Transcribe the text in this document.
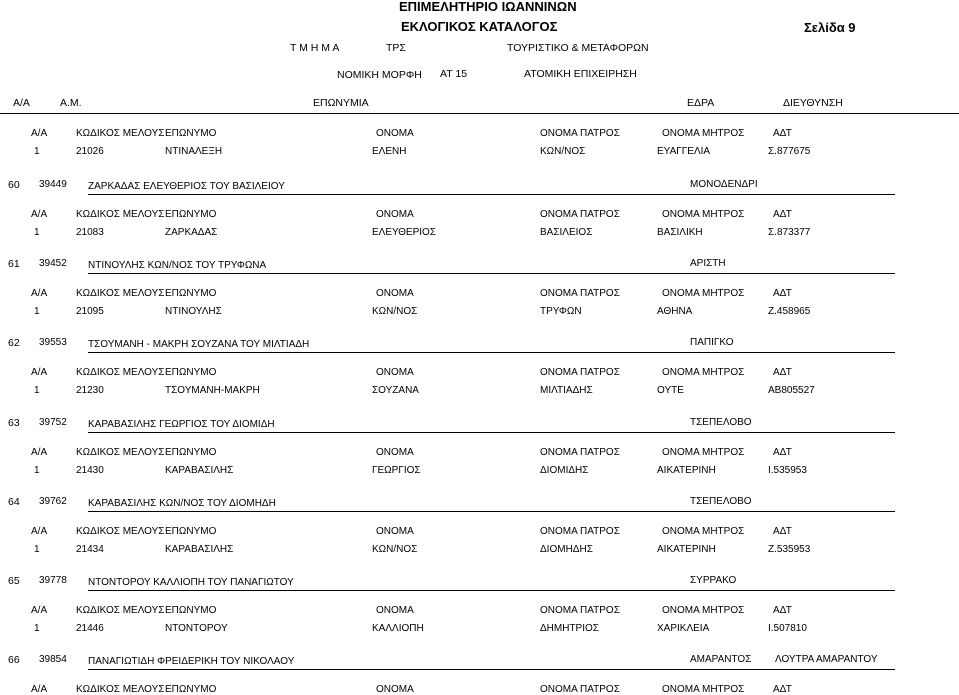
ΕΠΙΜΕΛΗΤΗΡΙΟ ΙΩΑΝΝΙΝΩΝ
ΕΚΛΟΓΙΚΟΣ ΚΑΤΑΛΟΓΟΣ	Σελίδα 9
Τ Μ Η Μ Α	ΤΡΣ	ΤΟΥΡΙΣΤΙΚΟ & ΜΕΤΑΦΟΡΩΝ
ΝΟΜΙΚΗ ΜΟΡΦΗ ΑΤ 15	ΑΤΟΜΙΚΗ ΕΠΙΧΕΙΡΗΣΗ
Α/Α	Α.Μ.	ΕΠΩΝΥΜΙΑ	ΕΔΡΑ	ΔΙΕΥΘΥΝΣΗ
Α/Α	ΚΩΔΙΚΟΣ ΜΕΛΟΥΣ ΕΠΩΝΥΜΟ	ΟΝΟΜΑ	ΟΝΟΜΑ ΠΑΤΡΟΣ	ΟΝΟΜΑ ΜΗΤΡΟΣ	ΑΔΤ
1	21026	ΝΤΙΝΑΛΕΞΗ	ΕΛΕΝΗ	ΚΩΝ/ΝΟΣ	ΕΥΑΓΓΕΛΙΑ	Σ.877675
60 39449 ΖΑΡΚΑΔΑΣ ΕΛΕΥΘΕΡΙΟΣ ΤΟΥ ΒΑΣΙΛΕΙΟΥ	ΜΟΝΟΔΕΝΔΡΙ
Α/Α	ΚΩΔΙΚΟΣ ΜΕΛΟΥΣ ΕΠΩΝΥΜΟ	ΟΝΟΜΑ	ΟΝΟΜΑ ΠΑΤΡΟΣ	ΟΝΟΜΑ ΜΗΤΡΟΣ	ΑΔΤ
1	21083	ΖΑΡΚΑΔΑΣ	ΕΛΕΥΘΕΡΙΟΣ	ΒΑΣΙΛΕΙΟΣ	ΒΑΣΙΛΙΚΗ	Σ.873377
61 39452 ΝΤΙΝΟΥΛΗΣ ΚΩΝ/ΝΟΣ ΤΟΥ ΤΡΥΦΩΝΑ	ΑΡΙΣΤΗ
Α/Α	ΚΩΔΙΚΟΣ ΜΕΛΟΥΣ ΕΠΩΝΥΜΟ	ΟΝΟΜΑ	ΟΝΟΜΑ ΠΑΤΡΟΣ	ΟΝΟΜΑ ΜΗΤΡΟΣ	ΑΔΤ
1	21095	ΝΤΙΝΟΥΛΗΣ	ΚΩΝ/ΝΟΣ	ΤΡΥΦΩΝ	ΑΘΗΝΑ	Ζ.458965
62 39553 ΤΣΟΥΜΑΝΗ - ΜΑΚΡΗ ΣΟΥΖΑΝΑ ΤΟΥ ΜΙΛΤΙΑΔΗ	ΠΑΠΙΓΚΟ
Α/Α	ΚΩΔΙΚΟΣ ΜΕΛΟΥΣ ΕΠΩΝΥΜΟ	ΟΝΟΜΑ	ΟΝΟΜΑ ΠΑΤΡΟΣ	ΟΝΟΜΑ ΜΗΤΡΟΣ	ΑΔΤ
1	21230	ΤΣΟΥΜΑΝΗ-ΜΑΚΡΗ	ΣΟΥΖΑΝΑ	ΜΙΛΤΙΑΔΗΣ	ΟΥΤΕ	ΑΒ805527
63 39752 ΚΑΡΑΒΑΣΙΛΗΣ ΓΕΩΡΓΙΟΣ ΤΟΥ ΔΙΟΜΙΔΗ	ΤΣΕΠΕΛΟΒΟ
Α/Α	ΚΩΔΙΚΟΣ ΜΕΛΟΥΣ ΕΠΩΝΥΜΟ	ΟΝΟΜΑ	ΟΝΟΜΑ ΠΑΤΡΟΣ	ΟΝΟΜΑ ΜΗΤΡΟΣ	ΑΔΤ
1	21430	ΚΑΡΑΒΑΣΙΛΗΣ	ΓΕΩΡΓΙΟΣ	ΔΙΟΜΙΔΗΣ	ΑΙΚΑΤΕΡΙΝΗ	Ι.535953
64 39762 ΚΑΡΑΒΑΣΙΛΗΣ ΚΩΝ/ΝΟΣ ΤΟΥ ΔΙΟΜΗΔΗ	ΤΣΕΠΕΛΟΒΟ
Α/Α	ΚΩΔΙΚΟΣ ΜΕΛΟΥΣ ΕΠΩΝΥΜΟ	ΟΝΟΜΑ	ΟΝΟΜΑ ΠΑΤΡΟΣ	ΟΝΟΜΑ ΜΗΤΡΟΣ	ΑΔΤ
1	21434	ΚΑΡΑΒΑΣΙΛΗΣ	ΚΩΝ/ΝΟΣ	ΔΙΟΜΗΔΗΣ	ΑΙΚΑΤΕΡΙΝΗ	Ζ.535953
65 39778 ΝΤΟΝΤΟΡΟΥ ΚΑΛΛΙΟΠΗ ΤΟΥ ΠΑΝΑΓΙΩΤΟΥ	ΣΥΡΡΑΚΟ
Α/Α	ΚΩΔΙΚΟΣ ΜΕΛΟΥΣ ΕΠΩΝΥΜΟ	ΟΝΟΜΑ	ΟΝΟΜΑ ΠΑΤΡΟΣ	ΟΝΟΜΑ ΜΗΤΡΟΣ	ΑΔΤ
1	21446	ΝΤΟΝΤΟΡΟΥ	ΚΑΛΛΙΟΠΗ	ΔΗΜΗΤΡΙΟΣ	ΧΑΡΙΚΛΕΙΑ	Ι.507810
66 39854 ΠΑΝΑΓΙΩΤΙΔΗ ΦΡΕΙΔΕΡΙΚΗ ΤΟΥ ΝΙΚΟΛΑΟΥ	ΑΜΑΡΑΝΤΟΣ ΛΟΥΤΡΑ ΑΜΑΡΑΝΤΟΥ
Α/Α	ΚΩΔΙΚΟΣ ΜΕΛΟΥΣ ΕΠΩΝΥΜΟ	ΟΝΟΜΑ	ΟΝΟΜΑ ΠΑΤΡΟΣ	ΟΝΟΜΑ ΜΗΤΡΟΣ	ΑΔΤ
